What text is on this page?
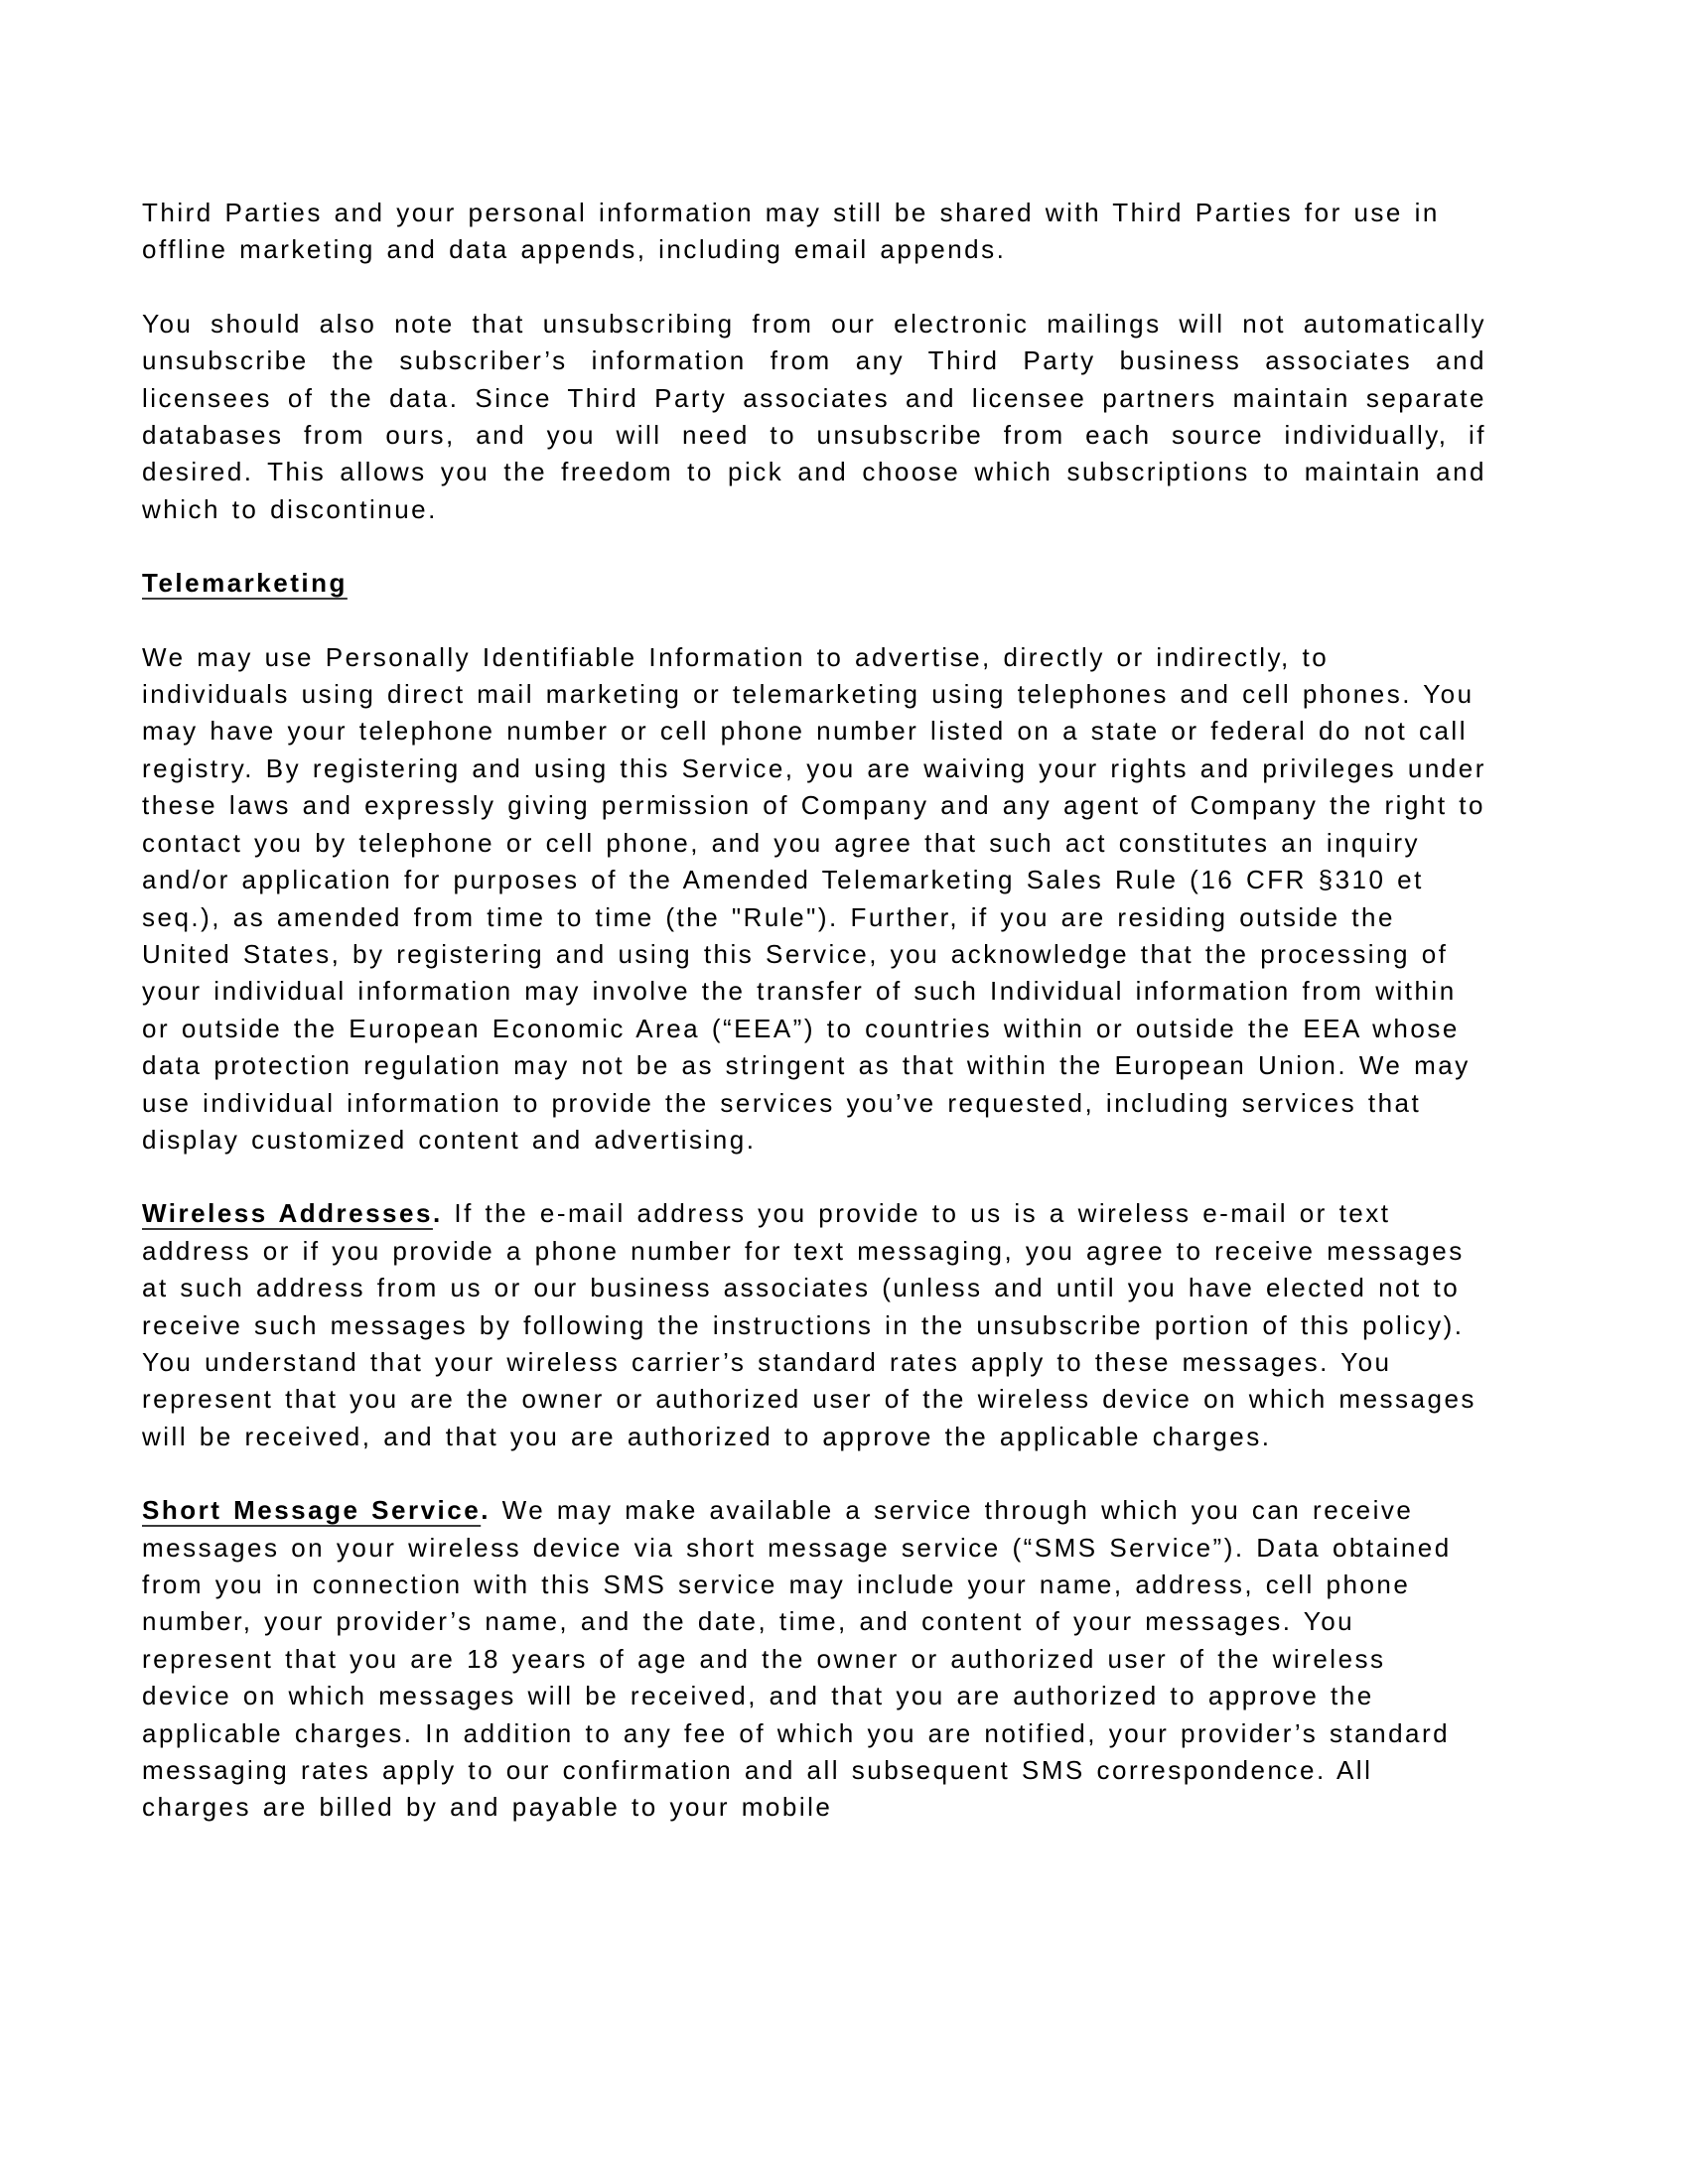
Third Parties and your personal information may still be shared with Third Parties for use in offline marketing and data appends, including email appends.

You should also note that unsubscribing from our electronic mailings will not automatically unsubscribe the subscriber’s information from any Third Party business associates and licensees of the data. Since Third Party associates and licensee partners maintain separate databases from ours, and you will need to unsubscribe from each source individually, if desired. This allows you the freedom to pick and choose which subscriptions to maintain and which to discontinue.

Telemarketing

We may use Personally Identifiable Information to advertise, directly or indirectly, to individuals using direct mail marketing or telemarketing using telephones and cell phones. You may have your telephone number or cell phone number listed on a state or federal do not call registry. By registering and using this Service, you are waiving your rights and privileges under these laws and expressly giving permission of Company and any agent of Company the right to contact you by telephone or cell phone, and you agree that such act constitutes an inquiry and/or application for purposes of the Amended Telemarketing Sales Rule (16 CFR §310 et seq.), as amended from time to time (the "Rule"). Further, if you are residing outside the United States, by registering and using this Service, you acknowledge that the processing of your individual information may involve the transfer of such Individual information from within or outside the European Economic Area (“EEA”) to countries within or outside the EEA whose data protection regulation may not be as stringent as that within the European Union. We may use individual information to provide the services you’ve requested, including services that display customized content and advertising.

Wireless Addresses. If the e-mail address you provide to us is a wireless e-mail or text address or if you provide a phone number for text messaging, you agree to receive messages at such address from us or our business associates (unless and until you have elected not to receive such messages by following the instructions in the unsubscribe portion of this policy). You understand that your wireless carrier’s standard rates apply to these messages. You represent that you are the owner or authorized user of the wireless device on which messages will be received, and that you are authorized to approve the applicable charges.

Short Message Service. We may make available a service through which you can receive messages on your wireless device via short message service (“SMS Service”). Data obtained from you in connection with this SMS service may include your name, address, cell phone number, your provider’s name, and the date, time, and content of your messages. You represent that you are 18 years of age and the owner or authorized user of the wireless device on which messages will be received, and that you are authorized to approve the applicable charges. In addition to any fee of which you are notified, your provider’s standard messaging rates apply to our confirmation and all subsequent SMS correspondence. All charges are billed by and payable to your mobile
